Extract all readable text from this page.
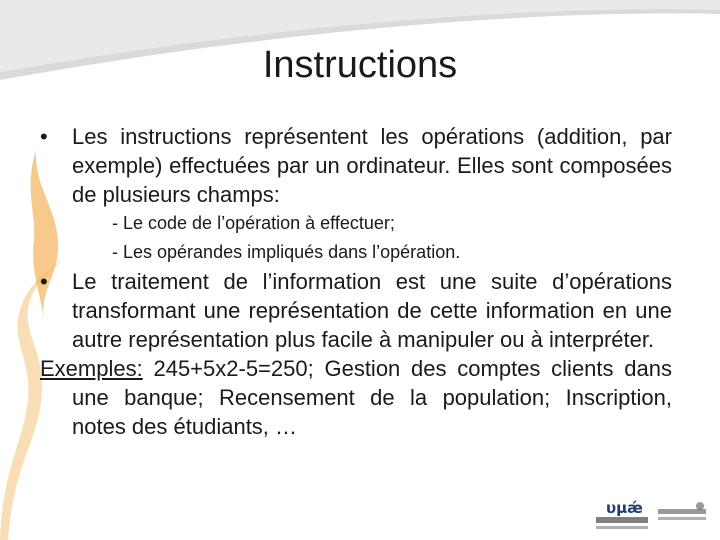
Instructions
• Les instructions représentent les opérations (addition, par exemple) effectuées par un ordinateur. Elles sont composées de plusieurs champs:
- Le code de l’opération à effectuer;
- Les opérandes impliqués dans l’opération.
• Le traitement de l’information est une suite d’opérations transformant une représentation de cette information en une autre représentation plus facile à manipuler ou à interpréter.
Exemples: 245+5x2-5=250; Gestion des comptes clients dans une banque; Recensement de la population; Inscription, notes des étudiants, …
υμǽ
